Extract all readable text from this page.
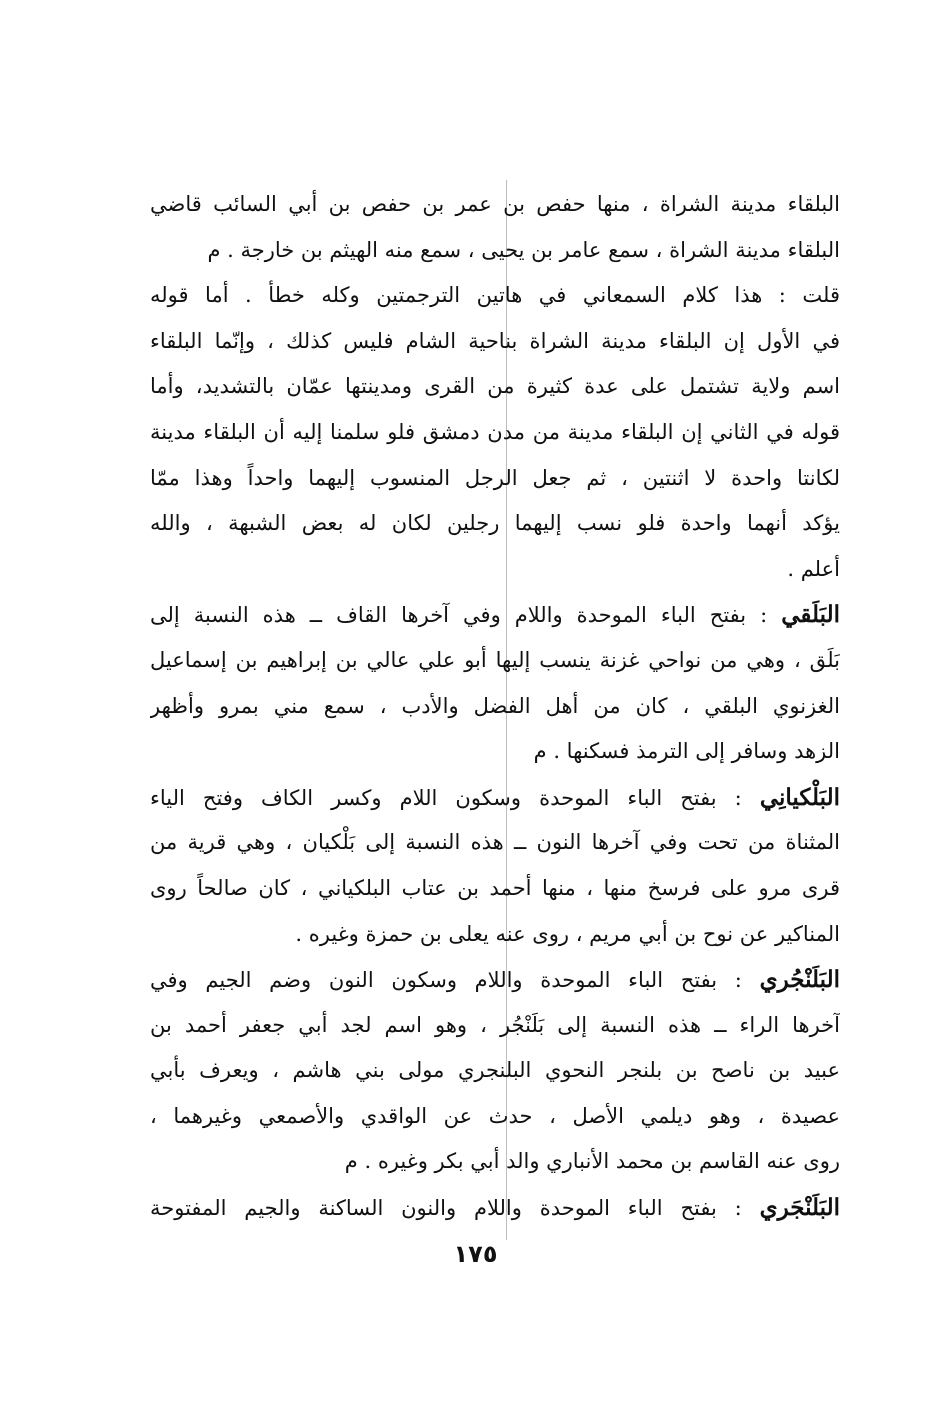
البلقاء مدينة الشراة ، منها حفص بن عمر بن حفص بن أبي السائب قاضي
البلقاء مدينة الشراة ، سمع عامر بن يحيى ، سمع منه الهيثم بن خارجة . م
قلت : هذا كلام السمعاني في هاتين الترجمتين وكله خطأ . أما قوله
في الأول إن البلقاء مدينة الشراة بناحية الشام فليس كذلك ، وإنّما البلقاء
اسم ولاية تشتمل على عدة كثيرة من القرى ومدينتها عمّان بالتشديد، وأما
قوله في الثاني إن البلقاء مدينة من مدن دمشق فلو سلمنا إليه أن البلقاء مدينة
لكانتا واحدة لا اثنتين ، ثم جعل الرجل المنسوب إليهما واحداً وهذا ممّا
يؤكد أنهما واحدة فلو نسب إليهما رجلين لكان له بعض الشبهة ، والله
أعلم .
البَلَقي : بفتح الباء الموحدة واللام وفي آخرها القاف ــ هذه النسبة إلى
بَلَق ، وهي من نواحي غزنة ينسب إليها أبو علي عالي بن إبراهيم بن إسماعيل
الغزنوي البلقي ، كان من أهل الفضل والأدب ، سمع مني بمرو وأظهر
الزهد وسافر إلى الترمذ فسكنها . م
البَلْكيانِي : بفتح الباء الموحدة وسكون اللام وكسر الكاف وفتح الياء
المثناة من تحت وفي آخرها النون ــ هذه النسبة إلى بَلْكيان ، وهي قرية من
قرى مرو على فرسخ منها ، منها أحمد بن عتاب البلكياني ، كان صالحاً روى
المناكير عن نوح بن أبي مريم ، روى عنه يعلى بن حمزة وغيره .
البَلَنْجُري : بفتح الباء الموحدة واللام وسكون النون وضم الجيم وفي
آخرها الراء ــ هذه النسبة إلى بَلَنْجُر ، وهو اسم لجد أبي جعفر أحمد بن
عبيد بن ناصح بن بلنجر النحوي البلنجري مولى بني هاشم ، ويعرف بأبي
عصيدة ، وهو ديلمي الأصل ، حدث عن الواقدي والأصمعي وغيرهما ،
روى عنه القاسم بن محمد الأنباري والد أبي بكر وغيره . م
البَلَنْجَري : بفتح الباء الموحدة واللام والنون الساكنة والجيم المفتوحة
١٧٥
